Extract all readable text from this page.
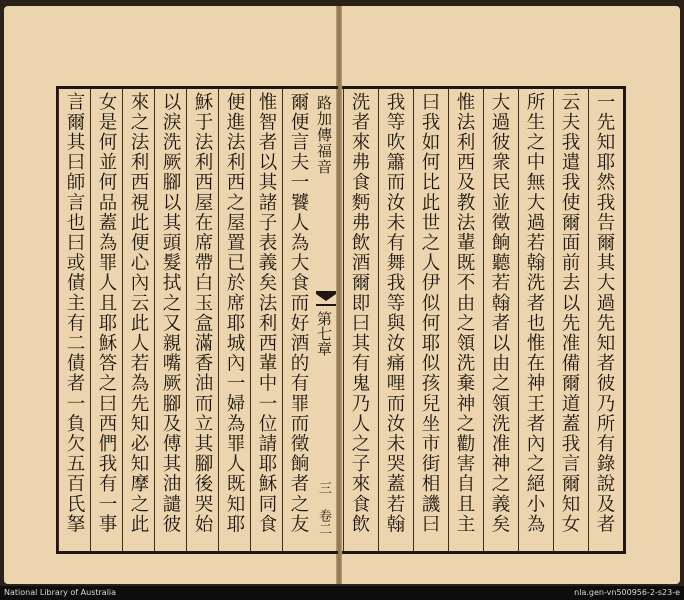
路加傳福音
第七章
三
卷二	一先知耶然我告爾其大過先知者彼乃所有錄說及者
云夫我遣我使爾面前去以先准備爾道蓋我言爾知女
所生之中無大過若翰洗者也惟在神王者內之絕小為
大過彼衆民並徵餉聽若翰者以由之領洗准神之義矣
惟法利西及教法輩既不由之領洗棄神之勸害自且主
曰我如何比此世之人伊似何耶似孩兒坐市街相譏曰
我等吹簫而汝未有舞我等與汝痛哩而汝未哭蓋若翰
洗者來弗食麪弗飲酒爾即曰其有鬼乃人之子來食飲
爾便言夫一饕人為大食而好酒的有罪而徵餉者之友
惟智者以其諸子表義矣法利西輩中一位請耶穌同食
便進法利西之屋置已於席耶城內一婦為罪人既知耶
穌于法利西屋在席帶白玉盒滿香油而立其腳後哭始
以淚洗厥腳以其頭髮拭之又親嘴厥腳及傅其油譴彼
來之法利西視此便心內云此人若為先知必知摩之此
女是何並何品蓋為罪人且耶穌答之曰西們我有一事
言爾其曰師言也曰或債主有二債者一負欠五百氏拏
National Library of Australia	nla.gen-vn500956-2-s23-e
